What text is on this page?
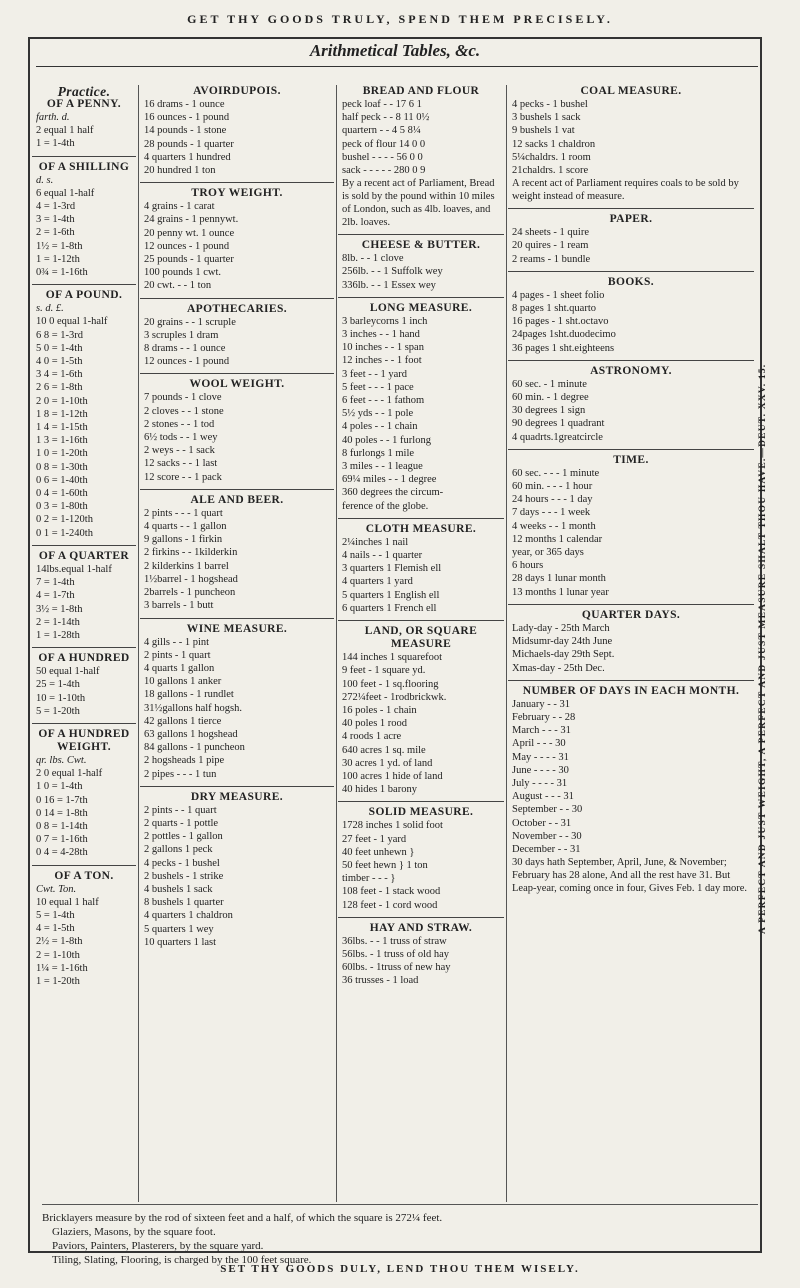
GET THY GOODS TRULY, SPEND THEM PRECISELY.
Arithmetical Tables, &c.
Practice.
OF A PENNY.
farth. d.
2 equal 1 half
1 = 1-4th
OF A SHILLING
d. s.
6 equal 1-half
4 = 1-3rd
3 = 1-4th
2 = 1-6th
1½ = 1-8th
1 = 1-12th
0¾ = 1-16th
OF A POUND.
s. d. £.
10 0 equal 1-half
6 8 = 1-3rd
5 0 = 1-4th
4 0 = 1-5th
3 4 = 1-6th
2 6 = 1-8th
2 0 = 1-10th
1 8 = 1-12th
1 4 = 1-15th
1 3 = 1-16th
1 0 = 1-20th
0 8 = 1-30th
0 6 = 1-40th
0 4 = 1-60th
0 3 = 1-80th
0 2 = 1-120th
0 1 = 1-240th
OF A QUARTER
14lbs.equal 1-half
7 = 1-4th
4 = 1-7th
3½ = 1-8th
2 = 1-14th
1 = 1-28th
OF A HUNDRED
50 equal 1-half
25 = 1-4th
10 = 1-10th
5 = 1-20th
OF A HUNDRED WEIGHT.
qr. lbs. Cwt.
2 0 equal 1-half
1 0 = 1-4th
0 16 = 1-7th
0 14 = 1-8th
0 8 = 1-14th
0 7 = 1-16th
0 4 = 4-28th
OF A TON.
Cwt. Ton.
10 equal 1 half
5 = 1-4th
4 = 1-5th
2½ = 1-8th
2 = 1-10th
1¼ = 1-16th
1 = 1-20th
AVOIRDUPOIS.
16 drams - 1 ounce
16 ounces - 1 pound
14 pounds - 1 stone
28 pounds - 1 quarter
4 quarters 1 hundred
20 hundred 1 ton
TROY WEIGHT.
4 grains - 1 carat
24 grains - 1 pennywt.
20 penny wt. 1 ounce
12 ounces - 1 pound
25 pounds - 1 quarter
100 pounds 1 cwt.
20 cwt. - - 1 ton
APOTHECARIES.
20 grains - - 1 scruple
3 scruples 1 dram
8 drams - - 1 ounce
12 ounces - 1 pound
WOOL WEIGHT.
7 pounds - 1 clove
2 cloves - - 1 stone
2 stones - - 1 tod
6½ tods - - 1 wey
2 weys - - 1 sack
12 sacks - - 1 last
12 score - - 1 pack
ALE AND BEER.
2 pints - - - 1 quart
4 quarts - - 1 gallon
9 gallons - 1 firkin
2 firkins - - 1kilderkin
2 kilderkins 1 barrel
1½barrel - 1 hogshead
2barrels - 1 puncheon
3 barrels - 1 butt
WINE MEASURE.
4 gills - - 1 pint
2 pints - 1 quart
4 quarts 1 gallon
10 gallons 1 anker
18 gallons - 1 rundlet
31½gallons half hogsh.
42 gallons 1 tierce
63 gallons 1 hogshead
84 gallons - 1 puncheon
2 hogsheads 1 pipe
2 pipes - - - 1 tun
DRY MEASURE.
2 pints - - 1 quart
2 quarts - 1 pottle
2 pottles - 1 gallon
2 gallons 1 peck
4 pecks - 1 bushel
2 bushels - 1 strike
4 bushels 1 sack
8 bushels 1 quarter
4 quarters 1 chaldron
5 quarters 1 wey
10 quarters 1 last
BREAD AND FLOUR
peck loaf - - 17 6 1
half peck - - 8 11 0½
quartern - - 4 5 8¼
peck of flour 14 0 0
bushel - - - - 56 0 0
sack - - - - - 280 0 9
By a recent act of Parliament, Bread is sold by the pound within 10 miles of London, such as 4lb. loaves, and 2lb. loaves.
CHEESE & BUTTER.
8lb. - - 1 clove
256lb. - - 1 Suffolk wey
336lb. - - 1 Essex wey
LONG MEASURE.
3 barleycorns 1 inch
3 inches - - 1 hand
10 inches - - 1 span
12 inches - - 1 foot
3 feet - - 1 yard
5 feet - - - 1 pace
6 feet - - - 1 fathom
5½ yds - - 1 pole
4 poles - - 1 chain
40 poles - - 1 furlong
8 furlongs 1 mile
3 miles - - 1 league
69¼ miles - - 1 degree
360 degrees the circum-
ference of the globe.
CLOTH MEASURE.
2¼inches 1 nail
4 nails - - 1 quarter
3 quarters 1 Flemish ell
4 quarters 1 yard
5 quarters 1 English ell
6 quarters 1 French ell
LAND, OR SQUARE MEASURE
144 inches 1 squarefoot
9 feet - 1 square yd.
100 feet - 1 sq.flooring
272¼feet - 1rodbrickwk.
16 poles - 1 chain
40 poles 1 rood
4 roods 1 acre
640 acres 1 sq. mile
30 acres 1 yd. of land
100 acres 1 hide of land
40 hides 1 barony
SOLID MEASURE.
1728 inches 1 solid foot
27 feet - 1 yard
40 feet unhewn }
50 feet hewn } 1 ton
timber - - - }
108 feet - 1 stack wood
128 feet - 1 cord wood
HAY AND STRAW.
36lbs. - - 1 truss of straw
56lbs. - 1 truss of old hay
60lbs. - 1truss of new hay
36 trusses - 1 load
COAL MEASURE.
4 pecks - 1 bushel
3 bushels 1 sack
9 bushels 1 vat
12 sacks 1 chaldron
5¼chaldrs. 1 room
21chaldrs. 1 score
A recent act of Parliament requires coals to be sold by weight instead of measure.
PAPER.
24 sheets - 1 quire
20 quires - 1 ream
2 reams - 1 bundle
BOOKS.
4 pages - 1 sheet folio
8 pages 1 sht.quarto
16 pages - 1 sht.octavo
24pages 1sht.duodecimo
36 pages 1 sht.eighteens
ASTRONOMY.
60 sec. - 1 minute
60 min. - 1 degree
30 degrees 1 sign
90 degrees 1 quadrant
4 quadrts.1greatcircle
TIME.
60 sec. - - - 1 minute
60 min. - - - 1 hour
24 hours - - - 1 day
7 days - - - 1 week
4 weeks - - 1 month
12 months 1 calendar
year, or 365 days
6 hours
28 days 1 lunar month
13 months 1 lunar year
QUARTER DAYS.
Lady-day - 25th March
Midsumr-day 24th June
Michaels-day 29th Sept.
Xmas-day - 25th Dec.
NUMBER OF DAYS IN EACH MONTH.
January - - 31
February - - 28
March - - - 31
April - - - 30
May - - - - 31
June - - - - 30
July - - - - 31
August - - - 31
September - - 30
October - - 31
November - - 30
December - - 31
30 days hath September, April, June, & November; February has 28 alone, And all the rest have 31. But Leap-year, coming once in four, Gives Feb. 1 day more.	A PERFECT AND JUST WEIGHT, A PERFECT AND JUST MEASURE SHALT THOU HAVE.—DEUT. XXV. 15.
Bricklayers measure by the rod of sixteen feet and a half, of which the square is 272¼ feet.
Glaziers, Masons, by the square foot.
Paviors, Painters, Plasterers, by the square yard.
Tiling, Slating, Flooring, is charged by the 100 feet square.
SET THY GOODS DULY, LEND THOU THEM WISELY.
